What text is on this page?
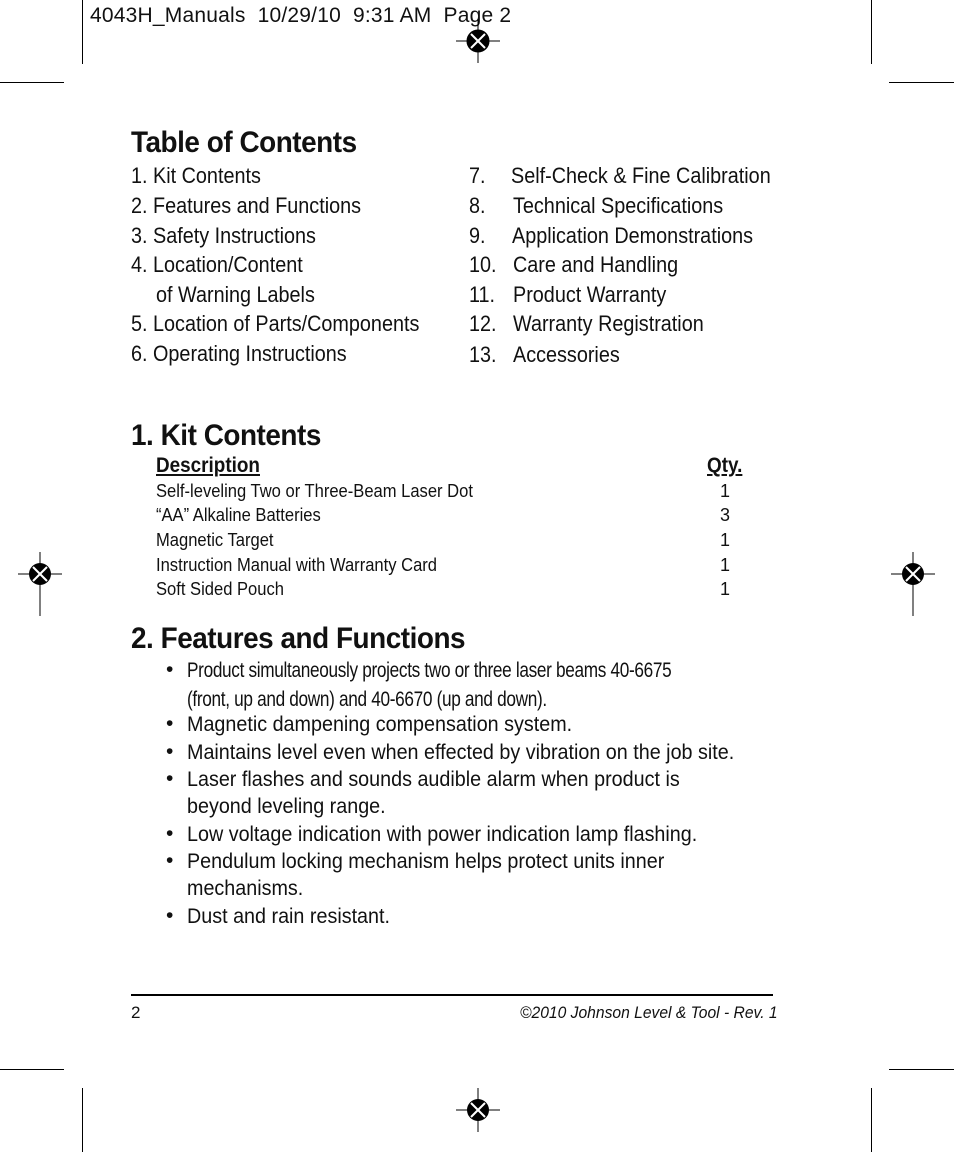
4043H_Manuals  10/29/10  9:31 AM  Page 2
Table of Contents
1. Kit Contents
2. Features and Functions
3. Safety Instructions
4. Location/Content
of Warning Labels
5. Location of Parts/Components
6. Operating Instructions
7. Self-Check & Fine Calibration
8. Technical Specifications
9. Application Demonstrations
10. Care and Handling
11. Product Warranty
12. Warranty Registration
13. Accessories
1. Kit Contents
Description	Qty.
Self-leveling Two or Three-Beam Laser Dot	1
“AA” Alkaline Batteries	3
Magnetic Target	1
Instruction Manual with Warranty Card	1
Soft Sided Pouch	1
2. Features and Functions
• Product simultaneously projects two or three laser beams 40-6675
(front, up and down) and 40-6670 (up and down).
• Magnetic dampening compensation system.
• Maintains level even when effected by vibration on the job site.
• Laser flashes and sounds audible alarm when product is
beyond leveling range.
• Low voltage indication with power indication lamp flashing.
• Pendulum locking mechanism helps protect units inner
mechanisms.
• Dust and rain resistant.
2	©2010 Johnson Level & Tool - Rev. 1
